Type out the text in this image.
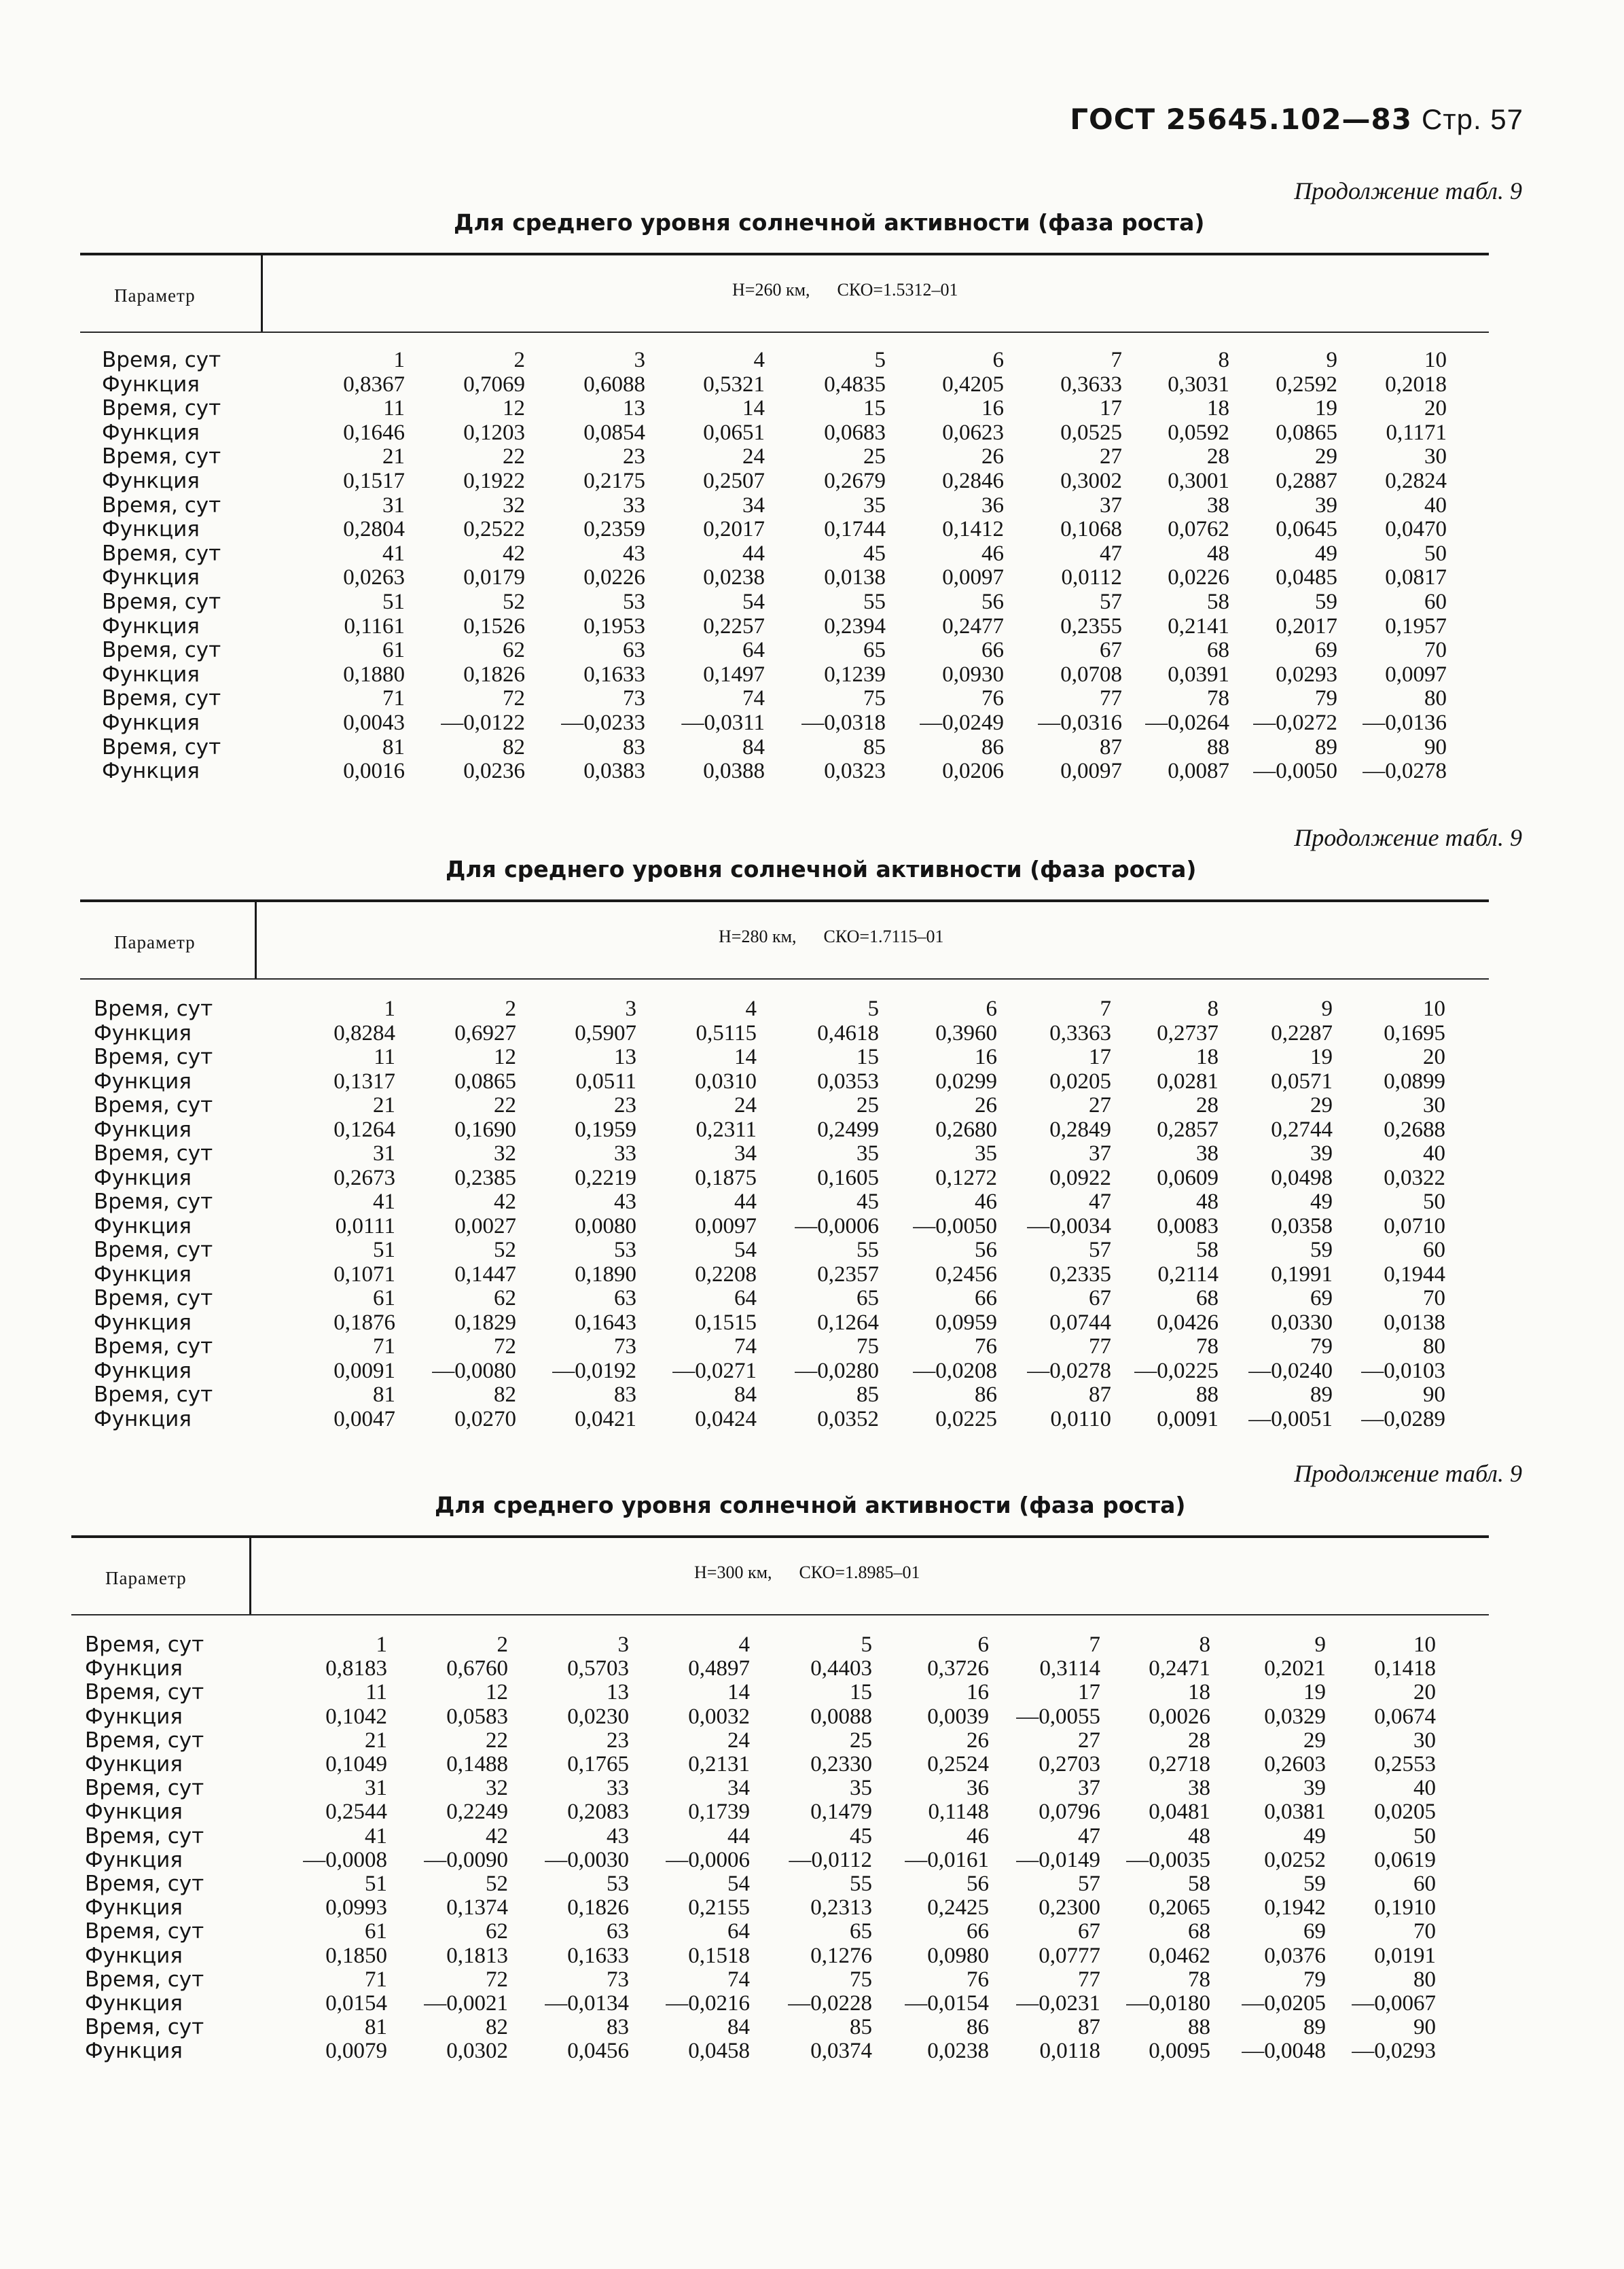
ГОСТ 25645.102—83 Стр. 57
Продолжение табл. 9
Для среднего уровня солнечной активности (фаза роста)
Параметр	Н=260 км, СКО=1.5312–01
Время, сут	1	2	3	4	5	6	7	8	9	10
Функция	0,8367	0,7069	0,6088	0,5321	0,4835	0,4205	0,3633 0,3031 0,2592 0,2018
Время, сут	11	12	13	14	15	16	17	18	19	20
Функция	0,1646	0,1203	0,0854	0,0651	0,0683	0,0623	0,0525 0,0592 0,0865 0,1171
Время, сут	21	22	23	24	25	26	27	28	29	30
Функция	0,1517	0,1922	0,2175	0,2507	0,2679	0,2846	0,3002 0,3001 0,2887 0,2824
Время, сут	31	32	33	34	35	36	37	38	39	40
Функция	0,2804	0,2522	0,2359	0,2017	0,1744	0,1412	0,1068 0,0762 0,0645 0,0470
Время, сут	41	42	43	44	45	46	47	48	49	50
Функция	0,0263	0,0179	0,0226	0,0238	0,0138	0,0097	0,0112 0,0226 0,0485 0,0817
Время, сут	51	52	53	54	55	56	57	58	59	60
Функция	0,1161	0,1526	0,1953	0,2257	0,2394	0,2477	0,2355 0,2141 0,2017 0,1957
Время, сут	61	62	63	64	65	66	67	68	69	70
Функция	0,1880	0,1826	0,1633	0,1497	0,1239	0,0930	0,0708 0,0391 0,0293 0,0097
Время, сут	71	72	73	74	75	76	77	78	79	80
Функция	0,0043 —0,0122 —0,0233 —0,0311 —0,0318 —0,0249 —0,0316 —0,0264 —0,0272 —0,0136
Время, сут	81	82	83	84	85	86	87	88	89	90
Функция	0,0016	0,0236	0,0383	0,0388	0,0323	0,0206	0,0097 0,0087 —0,0050 —0,0278
Продолжение табл. 9
Для среднего уровня солнечной активности (фаза роста)
Параметр	Н=280 км, СКО=1.7115–01
Время, сут	1	2	3	4	5	6	7	8	9	10
Функция	0,8284	0,6927	0,5907	0,5115	0,4618	0,3960 0,3363 0,2737 0,2287 0,1695
Время, сут	11	12	13	14	15	16	17	18	19	20
Функция	0,1317	0,0865	0,0511	0,0310	0,0353	0,0299 0,0205 0,0281 0,0571 0,0899
Время, сут	21	22	23	24	25	26	27	28	29	30
Функция	0,1264	0,1690	0,1959	0,2311	0,2499	0,2680 0,2849 0,2857 0,2744 0,2688
Время, сут	31	32	33	34	35	35	37	38	39	40
Функция	0,2673	0,2385	0,2219	0,1875	0,1605	0,1272 0,0922 0,0609 0,0498 0,0322
Время, сут	41	42	43	44	45	46	47	48	49	50
Функция	0,0111	0,0027	0,0080	0,0097 —0,0006 —0,0050 —0,0034 0,0083 0,0358 0,0710
Время, сут	51	52	53	54	55	56	57	58	59	60
Функция	0,1071	0,1447	0,1890	0,2208	0,2357	0,2456 0,2335 0,2114 0,1991 0,1944
Время, сут	61	62	63	64	65	66	67	68	69	70
Функция	0,1876	0,1829	0,1643	0,1515	0,1264	0,0959 0,0744 0,0426 0,0330 0,0138
Время, сут	71	72	73	74	75	76	77	78	79	80
Функция	0,0091 —0,0080 —0,0192 —0,0271 —0,0280 —0,0208 —0,0278 —0,0225 —0,0240 —0,0103
Время, сут	81	82	83	84	85	86	87	88	89	90
Функция	0,0047	0,0270	0,0421	0,0424	0,0352	0,0225 0,0110 0,0091 —0,0051 —0,0289
Продолжение табл. 9
Для среднего уровня солнечной активности (фаза роста)
Параметр	Н=300 км, СКО=1.8985–01
Время, сут	1	2	3	4	5	6	7	8	9	10
Функция	0,8183	0,6760	0,5703	0,4897	0,4403 0,3726 0,3114 0,2471 0,2021 0,1418
Время, сут	11	12	13	14	15	16	17	18	19	20
Функция	0,1042	0,0583	0,0230	0,0032	0,0088 0,0039 —0,0055 0,0026 0,0329 0,0674
Время, сут	21	22	23	24	25	26	27	28	29	30
Функция	0,1049	0,1488	0,1765	0,2131	0,2330 0,2524 0,2703 0,2718 0,2603 0,2553
Время, сут	31	32	33	34	35	36	37	38	39	40
Функция	0,2544	0,2249	0,2083	0,1739	0,1479 0,1148 0,0796 0,0481 0,0381 0,0205
Время, сут	41	42	43	44	45	46	47	48	49	50
Функция	—0,0008 —0,0090 —0,0030 —0,0006 —0,0112 —0,0161 —0,0149 —0,0035 0,0252 0,0619
Время, сут	51	52	53	54	55	56	57	58	59	60
Функция	0,0993	0,1374	0,1826	0,2155	0,2313 0,2425 0,2300 0,2065 0,1942 0,1910
Время, сут	61	62	63	64	65	66	67	68	69	70
Функция	0,1850	0,1813	0,1633	0,1518	0,1276 0,0980 0,0777 0,0462 0,0376 0,0191
Время, сут	71	72	73	74	75	76	77	78	79	80
Функция	0,0154 —0,0021 —0,0134 —0,0216 —0,0228 —0,0154 —0,0231 —0,0180 —0,0205 —0,0067
Время, сут	81	82	83	84	85	86	87	88	89	90
Функция	0,0079	0,0302	0,0456	0,0458	0,0374 0,0238 0,0118 0,0095 —0,0048 —0,0293
